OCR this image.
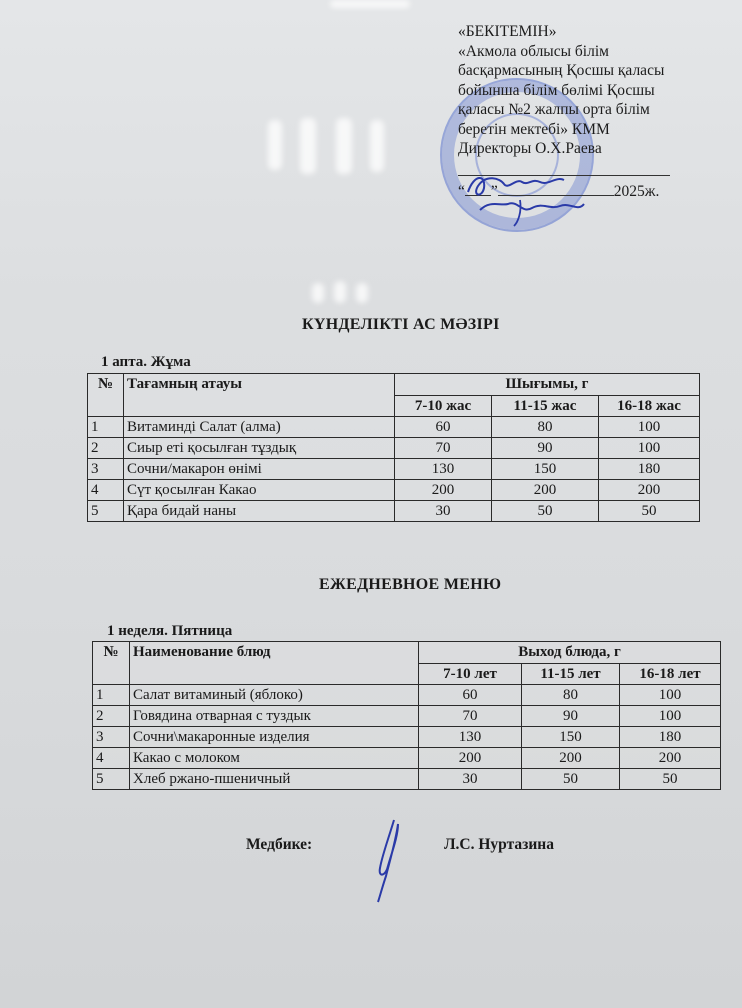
«БЕКІТЕМІН»
«Акмола облысы білім
басқармасының Қосшы қаласы
бойынша білім бөлімі Қосшы
қаласы №2 жалпы орта білім
беретін мектебі» КММ
Директоры О.Х.Раева
“ ”	2025ж.
КҮНДЕЛІКТІ АС МӘЗІРІ
1 апта. Жұма
№	Тағамның атауы	Шығымы, г		
		7-10 жас	11-15 жас	16-18 жас
1	Витаминді Салат (алма)	60	80	100
2	Сиыр еті қосылған тұздық	70	90	100
3	Сочни/макарон өнімі	130	150	180
4	Сүт қосылған Какао	200	200	200
5	Қара бидай наны	30	50	50
ЕЖЕДНЕВНОЕ МЕНЮ
1 неделя. Пятница
№	Наименование блюд	Выход блюда, г		
		7-10 лет	11-15 лет	16-18 лет
1	Салат витаминый (яблоко)	60	80	100
2	Говядина отварная с туздык	70	90	100
3	Сочни\макаронные изделия	130	150	180
4	Какао с молоком	200	200	200
5	Хлеб ржано-пшеничный	30	50	50
Медбике:	Л.С. Нуртазина
